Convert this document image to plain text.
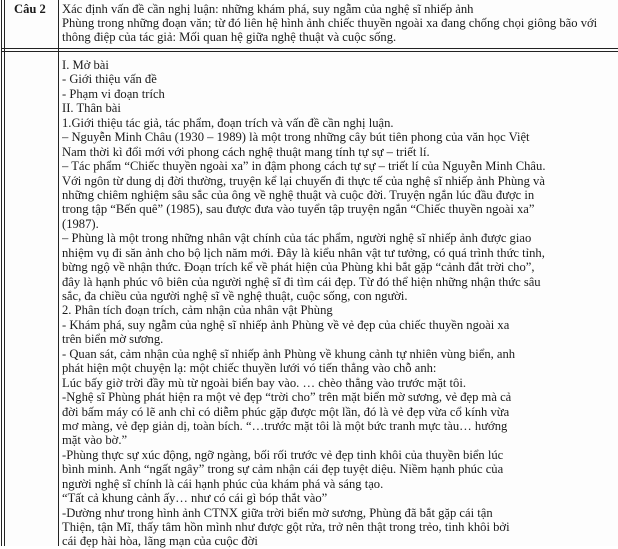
Câu 2 Xác định vấn đề cần nghị luận: những khám phá, suy ngẫm của nghệ sĩ nhiếp ảnh
Phùng trong những đoạn văn; từ đó liên hệ hình ảnh chiếc thuyền ngoài xa đang chống chọi giông bão với
thông điệp của tác giả: Mối quan hệ giữa nghệ thuật và cuộc sống.
I. Mở bài
- Giới thiệu vấn đề
- Phạm vi đoạn trích
II. Thân bài
1.Giới thiệu tác giả, tác phẩm, đoạn trích và vấn đề cần nghị luận.
– Nguyễn Minh Châu (1930 – 1989) là một trong những cây bút tiên phong của văn học Việt
Nam thời kì đổi mới với phong cách nghệ thuật mang tính tự sự – triết lí.
– Tác phẩm “Chiếc thuyền ngoài xa” in đậm phong cách tự sự – triết lí của Nguyễn Minh Châu.
Với ngôn từ dung dị đời thường, truyện kể lại chuyến đi thực tế của nghệ sĩ nhiếp ảnh Phùng và
những chiêm nghiệm sâu sắc của ông về nghệ thuật và cuộc đời. Truyện ngắn lúc đầu được in
trong tập “Bến quê” (1985), sau được đưa vào tuyển tập truyện ngắn “Chiếc thuyền ngoài xa”
(1987).
– Phùng là một trong những nhân vật chính của tác phẩm, người nghệ sĩ nhiếp ảnh được giao
nhiệm vụ đi săn ảnh cho bộ lịch năm mới. Đây là kiểu nhân vật tư tưởng, có quá trình thức tỉnh,
bừng ngộ về nhận thức. Đoạn trích kể về phát hiện của Phùng khi bắt gặp “cảnh đắt trời cho”,
đây là hạnh phúc vô biên của người nghệ sĩ đi tìm cái đẹp. Từ đó thể hiện những nhận thức sâu
sắc, đa chiều của người nghệ sĩ về nghệ thuật, cuộc sống, con người.
2. Phân tích đoạn trích, cảm nhận của nhân vật Phùng
- Khám phá, suy ngẫm của nghệ sĩ nhiếp ảnh Phùng về vẻ đẹp của chiếc thuyền ngoài xa
trên biển mờ sương.
- Quan sát, cảm nhận của nghệ sĩ nhiếp ảnh Phùng về khung cảnh tự nhiên vùng biển, anh
phát hiện một chuyện lạ: một chiếc thuyền lưới vó tiến thẳng vào chỗ anh:
Lúc bấy giờ trời đầy mù từ ngoài biển bay vào. … chèo thẳng vào trước mặt tôi.
-Nghệ sĩ Phùng phát hiện ra một vẻ đẹp “trời cho” trên mặt biển mờ sương, vẻ đẹp mà cả
đời bấm máy có lẽ anh chỉ có diễm phúc gặp được một lần, đó là vẻ đẹp vừa cổ kính vừa
mơ màng, vẻ đẹp giản dị, toàn bích. “…trước mặt tôi là một bức tranh mực tàu… hướng
mặt vào bờ.”
-Phùng thực sự xúc động, ngỡ ngàng, bối rối trước vẻ đẹp tinh khôi của thuyền biển lúc
bình minh. Anh “ngất ngây” trong sự cảm nhận cái đẹp tuyệt diệu. Niềm hạnh phúc của
người nghệ sĩ chính là cái hạnh phúc của khám phá và sáng tạo.
“Tất cả khung cảnh ấy… như có cái gì bóp thắt vào”
-Dường như trong hình ảnh CTNX giữa trời biển mờ sương, Phùng đã bắt gặp cái tận
Thiện, tận Mĩ, thấy tâm hồn mình như được gột rửa, trở nên thật trong trẻo, tinh khôi bởi
cái đẹp hài hòa, lãng mạn của cuộc đời
